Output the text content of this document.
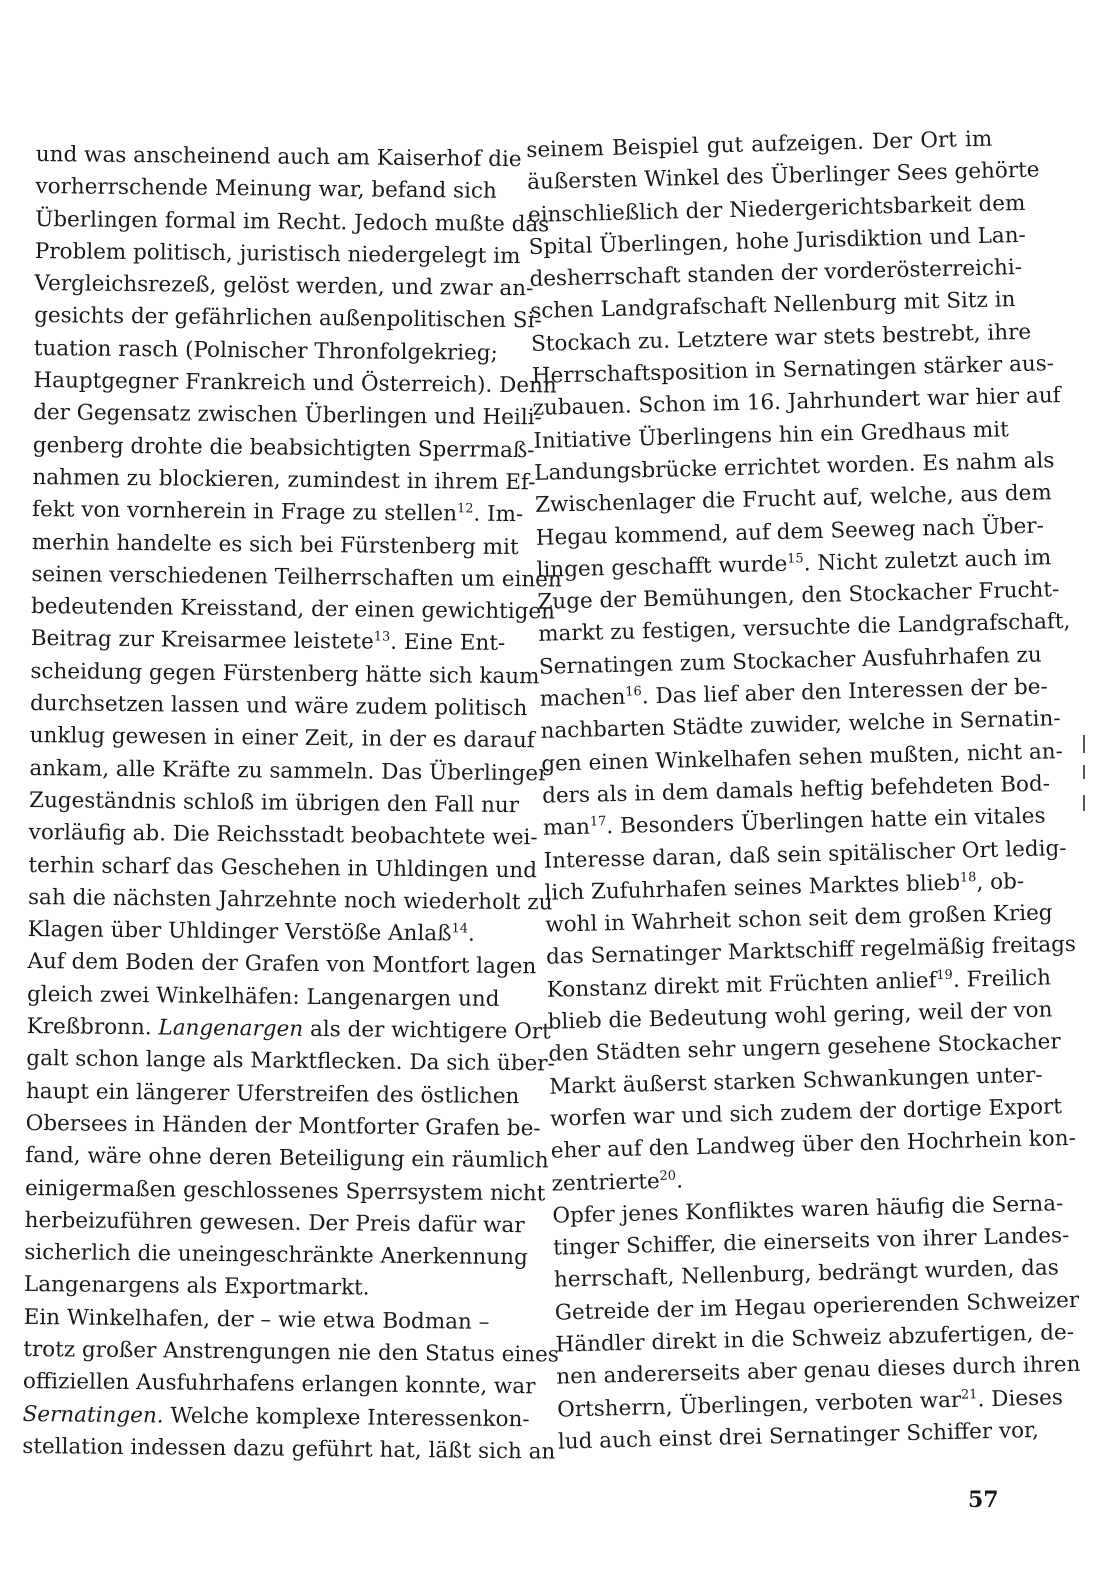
und was anscheinend auch am Kaiserhof die
vorherrschende Meinung war, befand sich
Überlingen formal im Recht. Jedoch mußte das
Problem politisch, juristisch niedergelegt im
Vergleichsrezeß, gelöst werden, und zwar an-
gesichts der gefährlichen außenpolitischen Si-
tuation rasch (Polnischer Thronfolgekrieg;
Hauptgegner Frankreich und Österreich). Denn
der Gegensatz zwischen Überlingen und Heili-
genberg drohte die beabsichtigten Sperrmaß-
nahmen zu blockieren, zumindest in ihrem Ef-
fekt von vornherein in Frage zu stellen$^{12}$. Im-
merhin handelte es sich bei Fürstenberg mit
seinen verschiedenen Teilherrschaften um einen
bedeutenden Kreisstand, der einen gewichtigen
Beitrag zur Kreisarmee leistete$^{13}$. Eine Ent-
scheidung gegen Fürstenberg hätte sich kaum
durchsetzen lassen und wäre zudem politisch
unklug gewesen in einer Zeit, in der es darauf
ankam, alle Kräfte zu sammeln. Das Überlinger
Zugeständnis schloß im übrigen den Fall nur
vorläufig ab. Die Reichsstadt beobachtete wei-
terhin scharf das Geschehen in Uhldingen und
sah die nächsten Jahrzehnte noch wiederholt zu
Klagen über Uhldinger Verstöße Anlaß$^{14}$.
Auf dem Boden der Grafen von Montfort lagen
gleich zwei Winkelhäfen: Langenargen und
Kreßbronn. Langenargen als der wichtigere Ort
galt schon lange als Marktflecken. Da sich über-
haupt ein längerer Uferstreifen des östlichen
Obersees in Händen der Montforter Grafen be-
fand, wäre ohne deren Beteiligung ein räumlich
einigermaßen geschlossenes Sperrsystem nicht
herbeizuführen gewesen. Der Preis dafür war
sicherlich die uneingeschränkte Anerkennung
Langenargens als Exportmarkt.
Ein Winkelhafen, der – wie etwa Bodman –
trotz großer Anstrengungen nie den Status eines
offiziellen Ausfuhrhafens erlangen konnte, war
Sernatingen. Welche komplexe Interessenkon-
stellation indessen dazu geführt hat, läßt sich an
seinem Beispiel gut aufzeigen. Der Ort im
äußersten Winkel des Überlinger Sees gehörte
einschließlich der Niedergerichtsbarkeit dem
Spital Überlingen, hohe Jurisdiktion und Lan-
desherrschaft standen der vorderösterreichi-
schen Landgrafschaft Nellenburg mit Sitz in
Stockach zu. Letztere war stets bestrebt, ihre
Herrschaftsposition in Sernatingen stärker aus-
zubauen. Schon im 16. Jahrhundert war hier auf
Initiative Überlingens hin ein Gredhaus mit
Landungsbrücke errichtet worden. Es nahm als
Zwischenlager die Frucht auf, welche, aus dem
Hegau kommend, auf dem Seeweg nach Über-
lingen geschafft wurde$^{15}$. Nicht zuletzt auch im
Zuge der Bemühungen, den Stockacher Frucht-
markt zu festigen, versuchte die Landgrafschaft,
Sernatingen zum Stockacher Ausfuhrhafen zu
machen$^{16}$. Das lief aber den Interessen der be-
nachbarten Städte zuwider, welche in Sernatin-
gen einen Winkelhafen sehen mußten, nicht an-
ders als in dem damals heftig befehdeten Bod-
man$^{17}$. Besonders Überlingen hatte ein vitales
Interesse daran, daß sein spitälischer Ort ledig-
lich Zufuhrhafen seines Marktes blieb$^{18}$, ob-
wohl in Wahrheit schon seit dem großen Krieg
das Sernatinger Marktschiff regelmäßig freitags
Konstanz direkt mit Früchten anlief$^{19}$. Freilich
blieb die Bedeutung wohl gering, weil der von
den Städten sehr ungern gesehene Stockacher
Markt äußerst starken Schwankungen unter-
worfen war und sich zudem der dortige Export
eher auf den Landweg über den Hochrhein kon-
zentrierte$^{20}$.
Opfer jenes Konfliktes waren häufig die Serna-
tinger Schiffer, die einerseits von ihrer Landes-
herrschaft, Nellenburg, bedrängt wurden, das
Getreide der im Hegau operierenden Schweizer
Händler direkt in die Schweiz abzufertigen, de-
nen andererseits aber genau dieses durch ihren
Ortsherrn, Überlingen, verboten war$^{21}$. Dieses
lud auch einst drei Sernatinger Schiffer vor,
57
